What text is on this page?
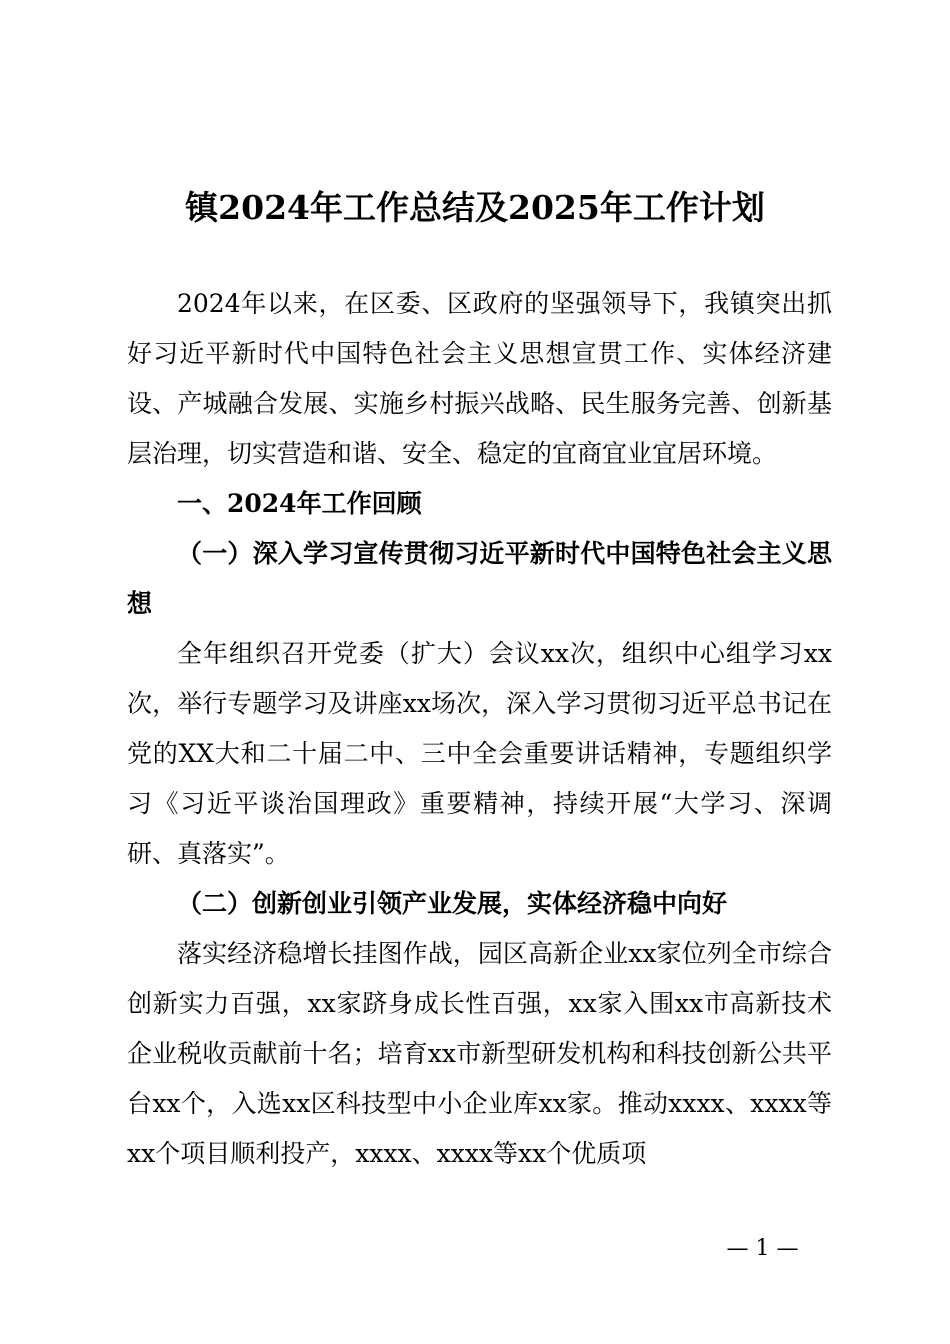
镇2024年工作总结及2025年工作计划

2024年以来，在区委、区政府的坚强领导下，我镇突出抓好习近平新时代中国特色社会主义思想宣贯工作、实体经济建设、产城融合发展、实施乡村振兴战略、民生服务完善、创新基层治理，切实营造和谐、安全、稳定的宜商宜业宜居环境。

一、2024年工作回顾

（一）深入学习宣传贯彻习近平新时代中国特色社会主义思想

全年组织召开党委（扩大）会议xx次，组织中心组学习xx次，举行专题学习及讲座xx场次，深入学习贯彻习近平总书记在党的XX大和二十届二中、三中全会重要讲话精神，专题组织学习《习近平谈治国理政》重要精神，持续开展“大学习、深调研、真落实”。

（二）创新创业引领产业发展，实体经济稳中向好

落实经济稳增长挂图作战，园区高新企业xx家位列全市综合创新实力百强，xx家跻身成长性百强，xx家入围xx市高新技术企业税收贡献前十名；培育xx市新型研发机构和科技创新公共平台xx个，入选xx区科技型中小企业库xx家。推动xxxx、xxxx等xx个项目顺利投产，xxxx、xxxx等xx个优质项

— 1 —
